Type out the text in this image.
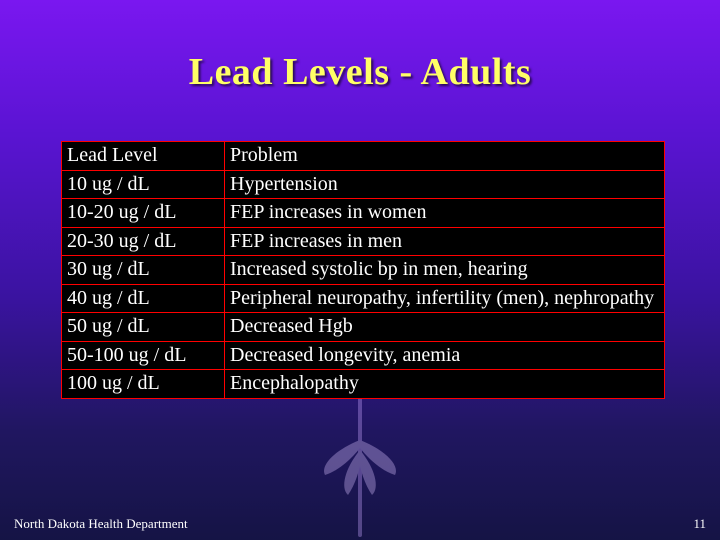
Lead Levels - Adults
Lead Level	Problem
10 ug / dL	Hypertension
10-20 ug / dL	FEP increases in women
20-30 ug / dL	FEP increases in men
30 ug / dL	Increased systolic bp in men, hearing
40 ug / dL	Peripheral neuropathy, infertility (men), nephropathy
50 ug / dL	Decreased Hgb
50-100 ug / dL	Decreased longevity, anemia
100 ug / dL	Encephalopathy
North Dakota Health Department	11
